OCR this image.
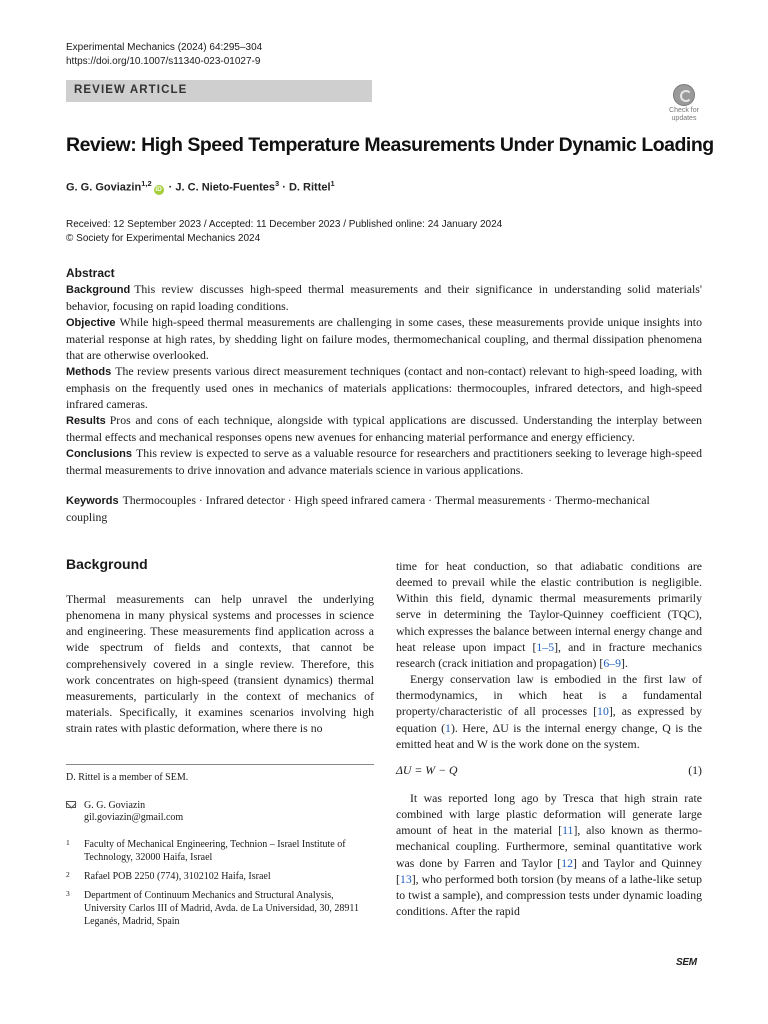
Experimental Mechanics (2024) 64:295–304
https://doi.org/10.1007/s11340-023-01027-9
REVIEW ARTICLE
Check for updates
Review: High Speed Temperature Measurements Under Dynamic Loading
G. G. Goviazin$^{1,2}$iD · J. C. Nieto-Fuentes$^3$ · D. Rittel$^1$
Received: 12 September 2023 / Accepted: 11 December 2023 / Published online: 24 January 2024
© Society for Experimental Mechanics 2024
Abstract

Background This review discusses high-speed thermal measurements and their significance in understanding solid materials' behavior, focusing on rapid loading conditions.

Objective While high-speed thermal measurements are challenging in some cases, these measurements provide unique insights into material response at high rates, by shedding light on failure modes, thermomechanical coupling, and thermal dissipation phenomena that are otherwise overlooked.

Methods The review presents various direct measurement techniques (contact and non-contact) relevant to high-speed loading, with emphasis on the frequently used ones in mechanics of materials applications: thermocouples, infrared detectors, and high-speed infrared cameras.

Results Pros and cons of each technique, alongside with typical applications are discussed. Understanding the interplay between thermal effects and mechanical responses opens new avenues for enhancing material performance and energy efficiency.

Conclusions This review is expected to serve as a valuable resource for researchers and practitioners seeking to leverage high-speed thermal measurements to drive innovation and advance materials science in various applications.

Keywords Thermocouples · Infrared detector · High speed infrared camera · Thermal measurements · Thermo-mechanical coupling
Background

Thermal measurements can help unravel the underlying phenomena in many physical systems and processes in science and engineering. These measurements find application across a wide spectrum of fields and contexts, that cannot be comprehensively covered in a single review. Therefore, this work concentrates on high-speed (transient dynamics) thermal measurements, particularly in the context of mechanics of materials. Specifically, it examines scenarios involving high strain rates with plastic deformation, where there is no

time for heat conduction, so that adiabatic conditions are deemed to prevail while the elastic contribution is negligible. Within this field, dynamic thermal measurements primarily serve in determining the Taylor-Quinney coefficient (TQC), which expresses the balance between internal energy change and heat release upon impact [1–5], and in fracture mechanics research (crack initiation and propagation) [6–9].

Energy conservation law is embodied in the first law of thermodynamics, in which heat is a fundamental property/characteristic of all processes [10], as expressed by equation (1). Here, ΔU is the internal energy change, Q is the emitted heat and W is the work done on the system.

ΔU = W − Q	(1)

It was reported long ago by Tresca that high strain rate combined with large plastic deformation will generate large amount of heat in the material [11], also known as thermo-mechanical coupling. Furthermore, seminal quantitative work was done by Farren and Taylor [12] and Taylor and Quinney [13], who performed both torsion (by means of a lathe-like setup to twist a sample), and compression tests under dynamic loading conditions. After the rapid

D. Rittel is a member of SEM.
G. G. Goviazin
gil.goviazin@gmail.com
1 Faculty of Mechanical Engineering, Technion – Israel Institute of Technology, 32000 Haifa, Israel
2 Rafael POB 2250 (774), 3102102 Haifa, Israel
3 Department of Continuum Mechanics and Structural Analysis, University Carlos III of Madrid, Avda. de La Universidad, 30, 28911 Leganés, Madrid, Spain
SEM
